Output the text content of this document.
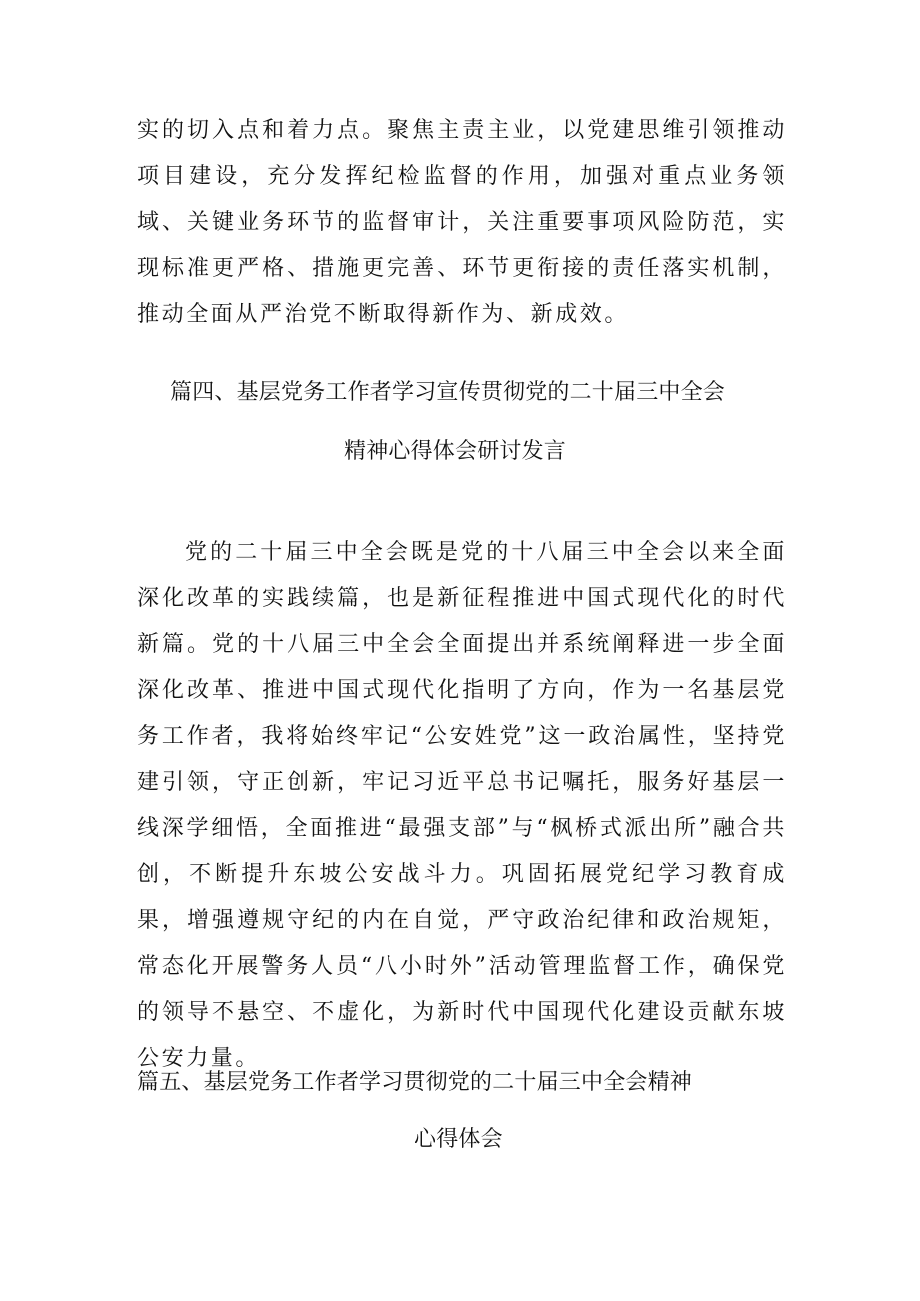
实的切入点和着力点。聚焦主责主业，以党建思维引领推动项目建设，充分发挥纪检监督的作用，加强对重点业务领域、关键业务环节的监督审计，关注重要事项风险防范，实现标准更严格、措施更完善、环节更衔接的责任落实机制，推动全面从严治党不断取得新作为、新成效。

篇四、基层党务工作者学习宣传贯彻党的二十届三中全会
精神心得体会研讨发言

党的二十届三中全会既是党的十八届三中全会以来全面深化改革的实践续篇，也是新征程推进中国式现代化的时代新篇。党的十八届三中全会全面提出并系统阐释进一步全面深化改革、推进中国式现代化指明了方向，作为一名基层党务工作者，我将始终牢记“公安姓党”这一政治属性，坚持党建引领，守正创新，牢记习近平总书记嘱托，服务好基层一线深学细悟，全面推进“最强支部”与“枫桥式派出所”融合共创，不断提升东坡公安战斗力。巩固拓展党纪学习教育成果，增强遵规守纪的内在自觉，严守政治纪律和政治规矩，常态化开展警务人员“八小时外”活动管理监督工作，确保党的领导不悬空、不虚化，为新时代中国现代化建设贡献东坡公安力量。

篇五、基层党务工作者学习贯彻党的二十届三中全会精神
心得体会
